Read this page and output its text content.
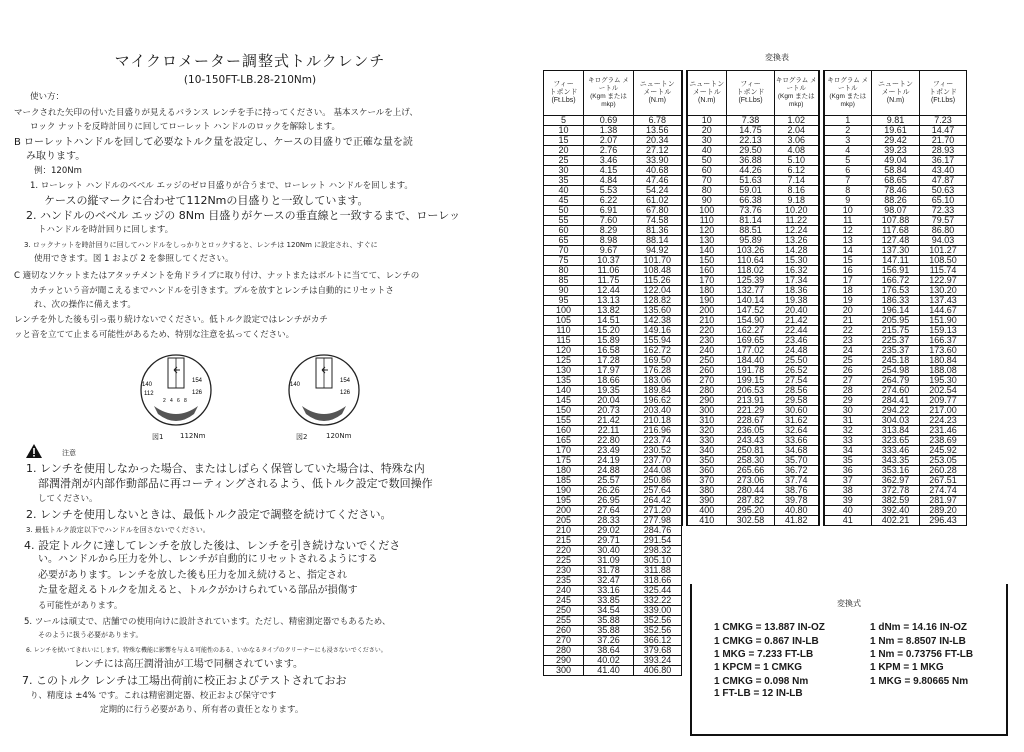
マイクロメーター調整式トルクレンチ
(10-150FT-LB.28-210Nm)
使い方：
マークされた矢印の付いた目盛りが見えるバランス レンチを手に持ってください。 基本スケールを上げ、
ロック ナットを反時計回りに回してローレット ハンドルのロックを解除します。
B ローレットハンドルを回して必要なトルク量を設定し、ケースの目盛りで正確な量を読
み取ります。
例：120Nm
1. ローレット ハンドルのベベル エッジのゼロ目盛りが合うまで、ローレット ハンドルを回します。
ケースの縦マークに合わせて112Nmの目盛りと一致しています。
2. ハンドルのベベル エッジの 8Nm 目盛りがケースの垂直線と一致するまで、ローレッ
トハンドルを時計回りに回します。
3. ロックナットを時計回りに回してハンドルをしっかりとロックすると、レンチは 120Nm に設定され、すぐに
使用できます。図 1 および 2 を参照してください。
C 適切なソケットまたはアタッチメントを角ドライブに取り付け、ナットまたはボルトに当てて、レンチの
カチッという音が聞こえるまでハンドルを引きます。プルを放すとレンチは自動的にリセットさ
れ、次の操作に備えます。
レンチを外した後も引っ張り続けないでください。低トルク設定ではレンチがカチ
ッと音を立てて止まる可能性があるため、特別な注意を払ってください。
140
154
112	126
2 4 6 8
図1 112Nm
140
154
126
図2	120Nm
注意
1. レンチを使用しなかった場合、またはしばらく保管していた場合は、特殊な内
部潤滑剤が内部作動部品に再コーティングされるよう、低トルク設定で数回操作
してください。
2. レンチを使用しないときは、最低トルク設定で調整を続けてください。
3. 最低トルク設定以下でハンドルを回さないでください。
4. 設定トルクに達してレンチを放した後は、レンチを引き続けないでくださ
い。ハンドルから圧力を外し、レンチが自動的にリセットされるようにする
必要があります。レンチを放した後も圧力を加え続けると、指定され
た量を超えるトルクを加えると、トルクがかけられている部品が損傷す
る可能性があります。
5. ツールは頑丈で、店舗での使用向けに設計されています。ただし、精密測定器でもあるため、
そのように扱う必要があります。
6. レンチを拭いてきれいにします。特殊な機能に影響を与える可能性のある、いかなるタイプのクリーナーにも浸さないでください。
レンチには高圧潤滑油が工場で同梱されています。
7. このトルク レンチは工場出荷前に校正およびテストされておお
り、精度は ±4% です。これは精密測定器、校正および保守です
定期的に行う必要があり、所有者の責任となります。
変換表
フィー
トポンド
(Ft.Lbs)	キログラム メ
ートル
(Kgm または
mkp)	ニュートン
メートル
(N.m)		ニュートン
メートル
(N.m)	フィー
トポンド
(Ft.Lbs)	キログラム メ
ートル
(Kgm または
mkp)		キログラム メ
ートル
(Kgm または
mkp)	ニュートン
メートル
(N.m)	フィー
トポンド
(Ft.Lbs)
5	0.69	6.78		10	7.38	1.02		1	9.81	7.23
10	1.38	13.56		20	14.75	2.04		2	19.61	14.47
15	2.07	20.34		30	22.13	3.06		3	29.42	21.70
20	2.76	27.12		40	29.50	4.08		4	39.23	28.93
25	3.46	33.90		50	36.88	5.10		5	49.04	36.17
30	4.15	40.68		60	44.26	6.12		6	58.84	43.40
35	4.84	47.46		70	51.63	7.14		7	68.65	47.87
40	5.53	54.24		80	59.01	8.16		8	78.46	50.63
45	6.22	61.02		90	66.38	9.18		9	88.26	65.10
50	6.91	67.80		100	73.76	10.20		10	98.07	72.33
55	7.60	74.58		110	81.14	11.22		11	107.88	79.57
60	8.29	81.36		120	88.51	12.24		12	117.68	86.80
65	8.98	88.14		130	95.89	13.26		13	127.48	94.03
70	9.67	94.92		140	103.26	14.28		14	137.30	101.27
75	10.37	101.70		150	110.64	15.30		15	147.11	108.50
80	11.06	108.48		160	118.02	16.32		16	156.91	115.74
85	11.75	115.26		170	125.39	17.34		17	166.72	122.97
90	12.44	122.04		180	132.77	18.36		18	176.53	130.20
95	13.13	128.82		190	140.14	19.38		19	186.33	137.43
100	13.82	135.60		200	147.52	20.40		20	196.14	144.67
105	14.51	142.38		210	154.90	21.42		21	205.95	151.90
110	15.20	149.16		220	162.27	22.44		22	215.75	159.13
115	15.89	155.94		230	169.65	23.46		23	225.37	166.37
120	16.58	162.72		240	177.02	24.48		24	235.37	173.60
125	17.28	169.50		250	184.40	25.50		25	245.18	180.84
130	17.97	176.28		260	191.78	26.52		26	254.98	188.08
135	18.66	183.06		270	199.15	27.54		27	264.79	195.30
140	19.35	189.84		280	206.53	28.56		28	274.60	202.54
145	20.04	196.62		290	213.91	29.58		29	284.41	209.77
150	20.73	203.40		300	221.29	30.60		30	294.22	217.00
155	21.42	210.18		310	228.67	31.62		31	304.03	224.23
160	22.11	216.96		320	236.05	32.64		32	313.84	231.46
165	22.80	223.74		330	243.43	33.66		33	323.65	238.69
170	23.49	230.52		340	250.81	34.68		34	333.46	245.92
175	24.19	237.70		350	258.30	35.70		35	343.35	253.05
180	24.88	244.08		360	265.66	36.72		36	353.16	260.28
185	25.57	250.86		370	273.06	37.74		37	362.97	267.51
190	26.26	257.64		380	280.44	38.76		38	372.78	274.74
195	26.95	264.42		390	287.82	39.78		39	382.59	281.97
200	27.64	271.20		400	295.20	40.80		40	392.40	289.20
205	28.33	277.98		410	302.58	41.82		41	402.21	296.43
210	29.02	284.76								
215	29.71	291.54								
220	30.40	298.32								
225	31.09	305.10								
230	31.78	311.88								
235	32.47	318.66								
240	33.16	325.44								
245	33.85	332.22								
250	34.54	339.00								
255	35.88	352.56								
260	35.88	352.56								
270	37.26	366.12								
280	38.64	379.68								
290	40.02	393.24								
300	41.40	406.80								
変換式
1 CMKG = 13.887 IN-OZ
1 CMKG = 0.867 IN-LB
1 MKG = 7.233 FT-LB
1 KPCM = 1 CMKG
1 CMKG = 0.098 Nm
1 FT-LB = 12 IN-LB
1 dNm = 14.16 IN-OZ
1 Nm = 8.8507 IN-LB
1 Nm = 0.73756 FT-LB
1 KPM = 1 MKG
1 MKG = 9.80665 Nm
